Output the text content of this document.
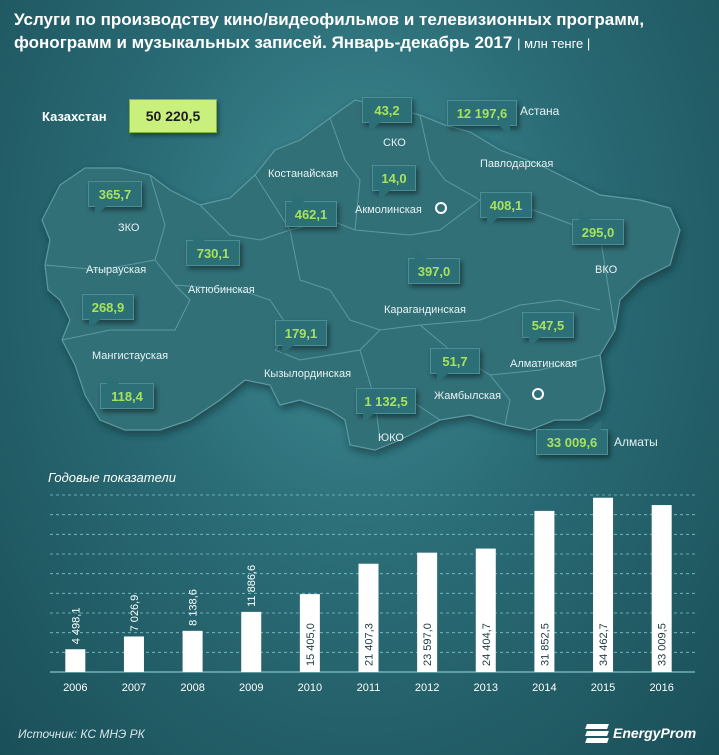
Услуги по производству кино/видеофильмов и телевизионных программ, фонограмм и музыкальных записей. Январь-декабрь 2017 | млн тенге |
Казахстан	50 220,5	43,2
СКО
12 197,6	Астана
Павлодарская
408,1
Костанайская
462,1
14,0
Акмолинская
365,7
ЗКО	295,0
ВКО
Атырауская
268,9
730,1
Актюбинская
397,0
Карагандинская
Мангистауская
118,4
179,1
Кызылординская
547,5
Алматинская
51,7
Жамбылская
1 132,5
ЮКО	33 009,6	Алматы
Годовые показатели
4 498,1
2006
7 026,9
2007
8 138,6
2008
11 886,6
2009
15 405,0
2010
21 407,3
2011
23 597,0
2012
24 404,7
2013
31 852,5
2014
34 462,7
2015
33 009,5
2016
Источник: КС МНЭ РК	EnergyProm
